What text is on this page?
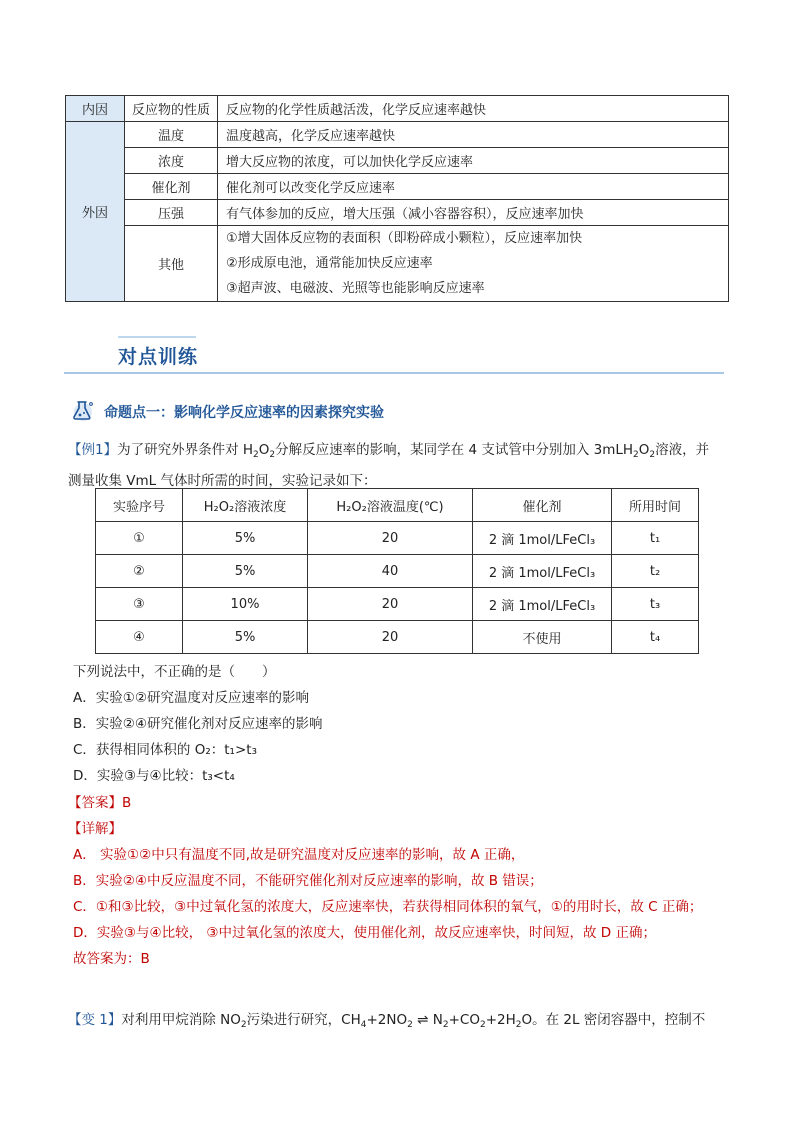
内因	反应物的性质	反应物的化学性质越活泼，化学反应速率越快
外因	温度	温度越高，化学反应速率越快
	浓度	增大反应物的浓度，可以加快化学反应速率
	催化剂	催化剂可以改变化学反应速率
	压强	有气体参加的反应，增大压强（减小容器容积），反应速率加快
	其他	①增大固体反应物的表面积（即粉碎成小颗粒），反应速率加快
②形成原电池，通常能加快反应速率
③超声波、电磁波、光照等也能影响反应速率
对点训练
命题点一：影响化学反应速率的因素探究实验
【例1】为了研究外界条件对 $H_2O_2$分解反应速率的影响，某同学在 4 支试管中分别加入 $3mLH_2O_2$溶液，并
测量收集 VmL 气体时所需的时间，实验记录如下：
实验序号	H₂O₂溶液浓度	H₂O₂溶液温度(℃)	催化剂	所用时间
①	5%	20	2 滴 1mol/LFeCl₃	t₁
②	5%	40	2 滴 1mol/LFeCl₃	t₂
③	10%	20	2 滴 1mol/LFeCl₃	t₃
④	5%	20	不使用	t₄
下列说法中，不正确的是（　　）
A．实验①②研究温度对反应速率的影响
B．实验②④研究催化剂对反应速率的影响
C．获得相同体积的 O₂：t₁>t₃
D．实验③与④比较：t₃<t₄
【答案】B
【详解】
A． 实验①②中只有温度不同,故是研究温度对反应速率的影响，故 A 正确，
B．实验②④中反应温度不同，不能研究催化剂对反应速率的影响，故 B 错误；
C．①和③比较，③中过氧化氢的浓度大，反应速率快，若获得相同体积的氧气，①的用时长，故 C 正确；
D．实验③与④比较， ③中过氧化氢的浓度大，使用催化剂，故反应速率快，时间短，故 D 正确；
故答案为：B
【变 1】对利用甲烷消除 $NO_2$污染进行研究，$CH_4+2NO_2$ ⇌ $N_2+CO_2+2H_2O$。在 2L 密闭容器中，控制不
